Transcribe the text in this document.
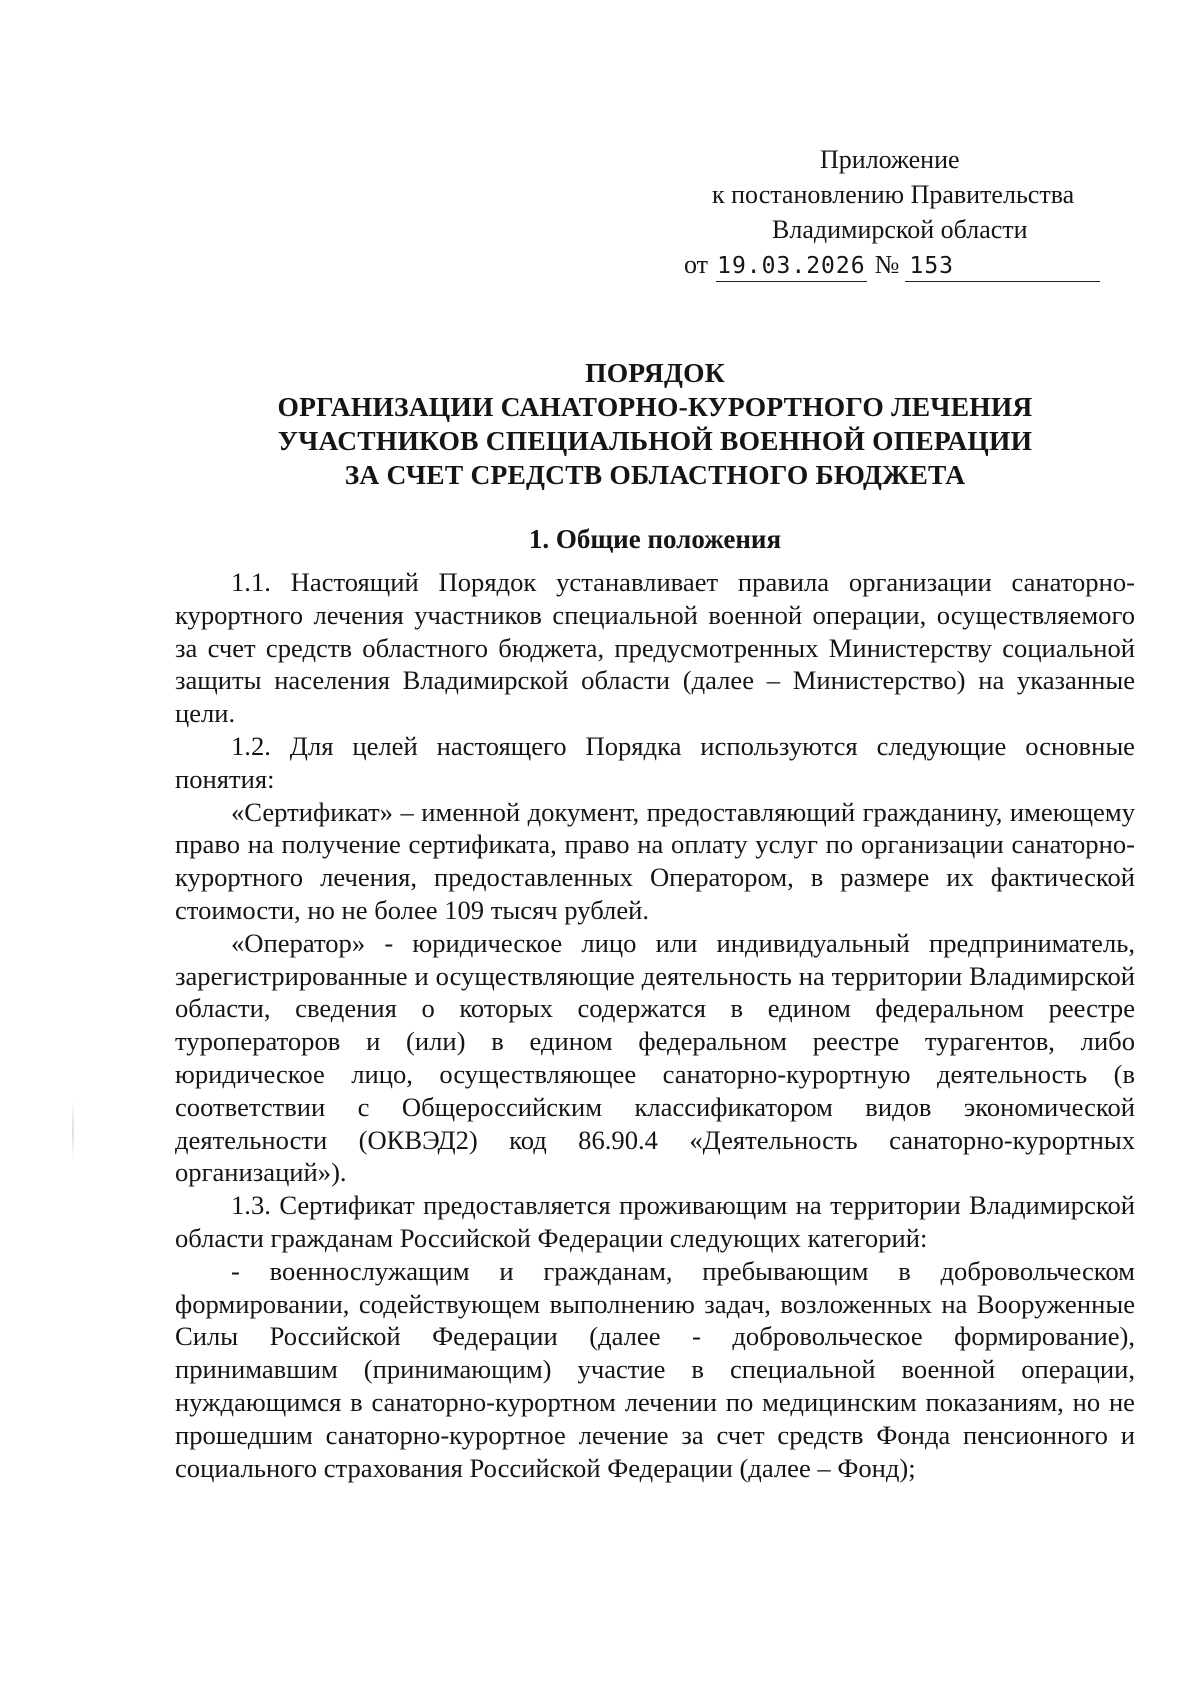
Приложение
к постановлению Правительства
Владимирской области
от 19.03.2026 № 153
ПОРЯДОК
ОРГАНИЗАЦИИ САНАТОРНО-КУРОРТНОГО ЛЕЧЕНИЯ
УЧАСТНИКОВ СПЕЦИАЛЬНОЙ ВОЕННОЙ ОПЕРАЦИИ
ЗА СЧЕТ СРЕДСТВ ОБЛАСТНОГО БЮДЖЕТА
1. Общие положения

1.1. Настоящий Порядок устанавливает правила организации санаторно-курортного лечения участников специальной военной операции, осуществляемого за счет средств областного бюджета, предусмотренных Министерству социальной защиты населения Владимирской области (далее – Министерство) на указанные цели.

1.2. Для целей настоящего Порядка используются следующие основные понятия:

«Сертификат» – именной документ, предоставляющий гражданину, имеющему право на получение сертификата, право на оплату услуг по организации санаторно-курортного лечения, предоставленных Оператором, в размере их фактической стоимости, но не более 109 тысяч рублей.

«Оператор» - юридическое лицо или индивидуальный предприниматель, зарегистрированные и осуществляющие деятельность на территории Владимирской области, сведения о которых содержатся в едином федеральном реестре туроператоров и (или) в едином федеральном реестре турагентов, либо юридическое лицо, осуществляющее санаторно-курортную деятельность (в соответствии с Общероссийским классификатором видов экономической деятельности (ОКВЭД2) код 86.90.4 «Деятельность санаторно-курортных организаций»).

1.3. Сертификат предоставляется проживающим на территории Владимирской области гражданам Российской Федерации следующих категорий:

- военнослужащим и гражданам, пребывающим в добровольческом формировании, содействующем выполнению задач, возложенных на Вооруженные Силы Российской Федерации (далее - добровольческое формирование), принимавшим (принимающим) участие в специальной военной операции, нуждающимся в санаторно-курортном лечении по медицинским показаниям, но не прошедшим санаторно-курортное лечение за счет средств Фонда пенсионного и социального страхования Российской Федерации (далее – Фонд);
